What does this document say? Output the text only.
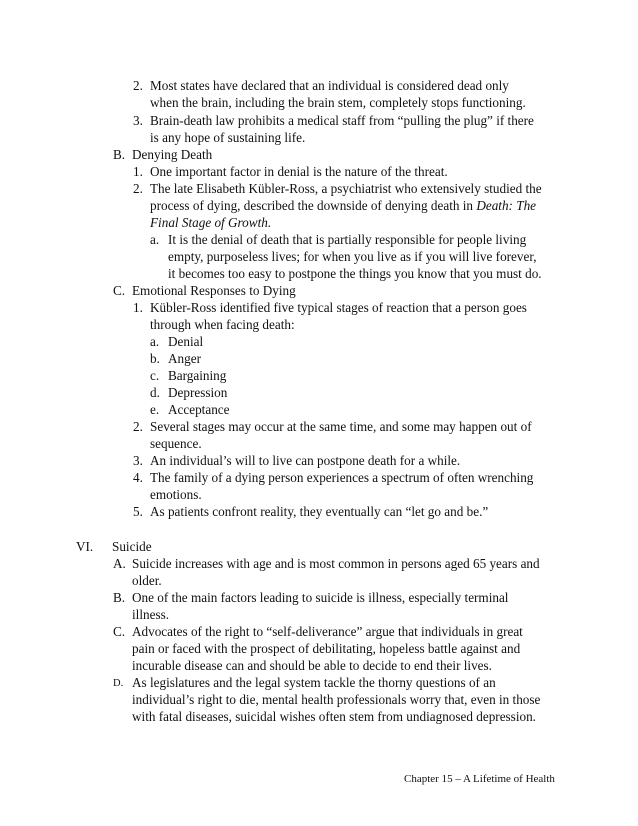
2. Most states have declared that an individual is considered dead only
when the brain, including the brain stem, completely stops functioning.
3. Brain-death law prohibits a medical staff from “pulling the plug” if there
is any hope of sustaining life.
B. Denying Death
1. One important factor in denial is the nature of the threat.
2. The late Elisabeth Kübler-Ross, a psychiatrist who extensively studied the
process of dying, described the downside of denying death in Death: The
Final Stage of Growth.
a. It is the denial of death that is partially responsible for people living
empty, purposeless lives; for when you live as if you will live forever,
it becomes too easy to postpone the things you know that you must do.
C. Emotional Responses to Dying
1. Kübler-Ross identified five typical stages of reaction that a person goes
through when facing death:
a. Denial
b. Anger
c. Bargaining
d. Depression
e. Acceptance
2. Several stages may occur at the same time, and some may happen out of
sequence.
3. An individual’s will to live can postpone death for a while.
4. The family of a dying person experiences a spectrum of often wrenching
emotions.
5. As patients confront reality, they eventually can “let go and be.”
VI. Suicide
A. Suicide increases with age and is most common in persons aged 65 years and
older.
B. One of the main factors leading to suicide is illness, especially terminal
illness.
C. Advocates of the right to “self-deliverance” argue that individuals in great
pain or faced with the prospect of debilitating, hopeless battle against and
incurable disease can and should be able to decide to end their lives.
D. As legislatures and the legal system tackle the thorny questions of an
individual’s right to die, mental health professionals worry that, even in those
with fatal diseases, suicidal wishes often stem from undiagnosed depression.
Chapter 15 – A Lifetime of Health
